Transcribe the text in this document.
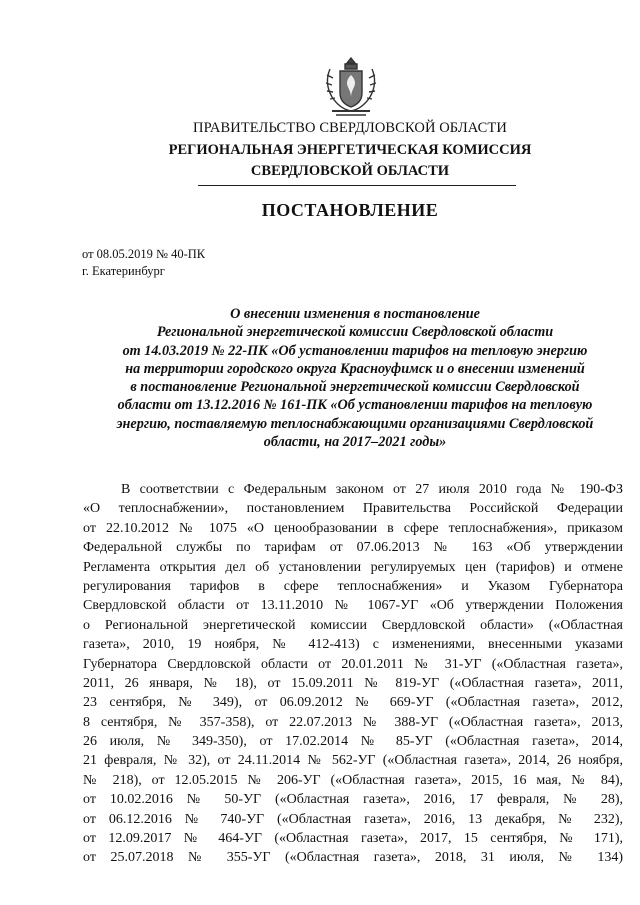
ПРАВИТЕЛЬСТВО СВЕРДЛОВСКОЙ ОБЛАСТИ
РЕГИОНАЛЬНАЯ ЭНЕРГЕТИЧЕСКАЯ КОМИССИЯ
СВЕРДЛОВСКОЙ ОБЛАСТИ
ПОСТАНОВЛЕНИЕ
от 08.05.2019 № 40-ПК
г. Екатеринбург
О внесении изменения в постановление
Региональной энергетической комиссии Свердловской области
от 14.03.2019 № 22-ПК «Об установлении тарифов на тепловую энергию
на территории городского округа Красноуфимск и о внесении изменений
в постановление Региональной энергетической комиссии Свердловской
области от 13.12.2016 № 161-ПК «Об установлении тарифов на тепловую
энергию, поставляемую теплоснабжающими организациями Свердловской
области, на 2017–2021 годы»
В соответствии с Федеральным законом от 27 июля 2010 года № 190-ФЗ
«О теплоснабжении», постановлением Правительства Российской Федерации
от 22.10.2012 № 1075 «О ценообразовании в сфере теплоснабжения», приказом
Федеральной службы по тарифам от 07.06.2013 № 163 «Об утверждении
Регламента открытия дел об установлении регулируемых цен (тарифов) и отмене
регулирования тарифов в сфере теплоснабжения» и Указом Губернатора
Свердловской области от 13.11.2010 № 1067-УГ «Об утверждении Положения
о Региональной энергетической комиссии Свердловской области» («Областная
газета», 2010, 19 ноября, № 412-413) с изменениями, внесенными указами
Губернатора Свердловской области от 20.01.2011 № 31-УГ («Областная газета»,
2011, 26 января, № 18), от 15.09.2011 № 819-УГ («Областная газета», 2011,
23 сентября, № 349), от 06.09.2012 № 669-УГ («Областная газета», 2012,
8 сентября, № 357-358), от 22.07.2013 № 388-УГ («Областная газета», 2013,
26 июля, № 349-350), от 17.02.2014 № 85-УГ («Областная газета», 2014,
21 февраля, № 32), от 24.11.2014 № 562-УГ («Областная газета», 2014, 26 ноября,
№ 218), от 12.05.2015 № 206-УГ («Областная газета», 2015, 16 мая, № 84),
от 10.02.2016 № 50-УГ («Областная газета», 2016, 17 февраля, № 28),
от 06.12.2016 № 740-УГ («Областная газета», 2016, 13 декабря, № 232),
от 12.09.2017 № 464-УГ («Областная газета», 2017, 15 сентября, № 171),
от 25.07.2018 № 355-УГ («Областная газета», 2018, 31 июля, № 134)
